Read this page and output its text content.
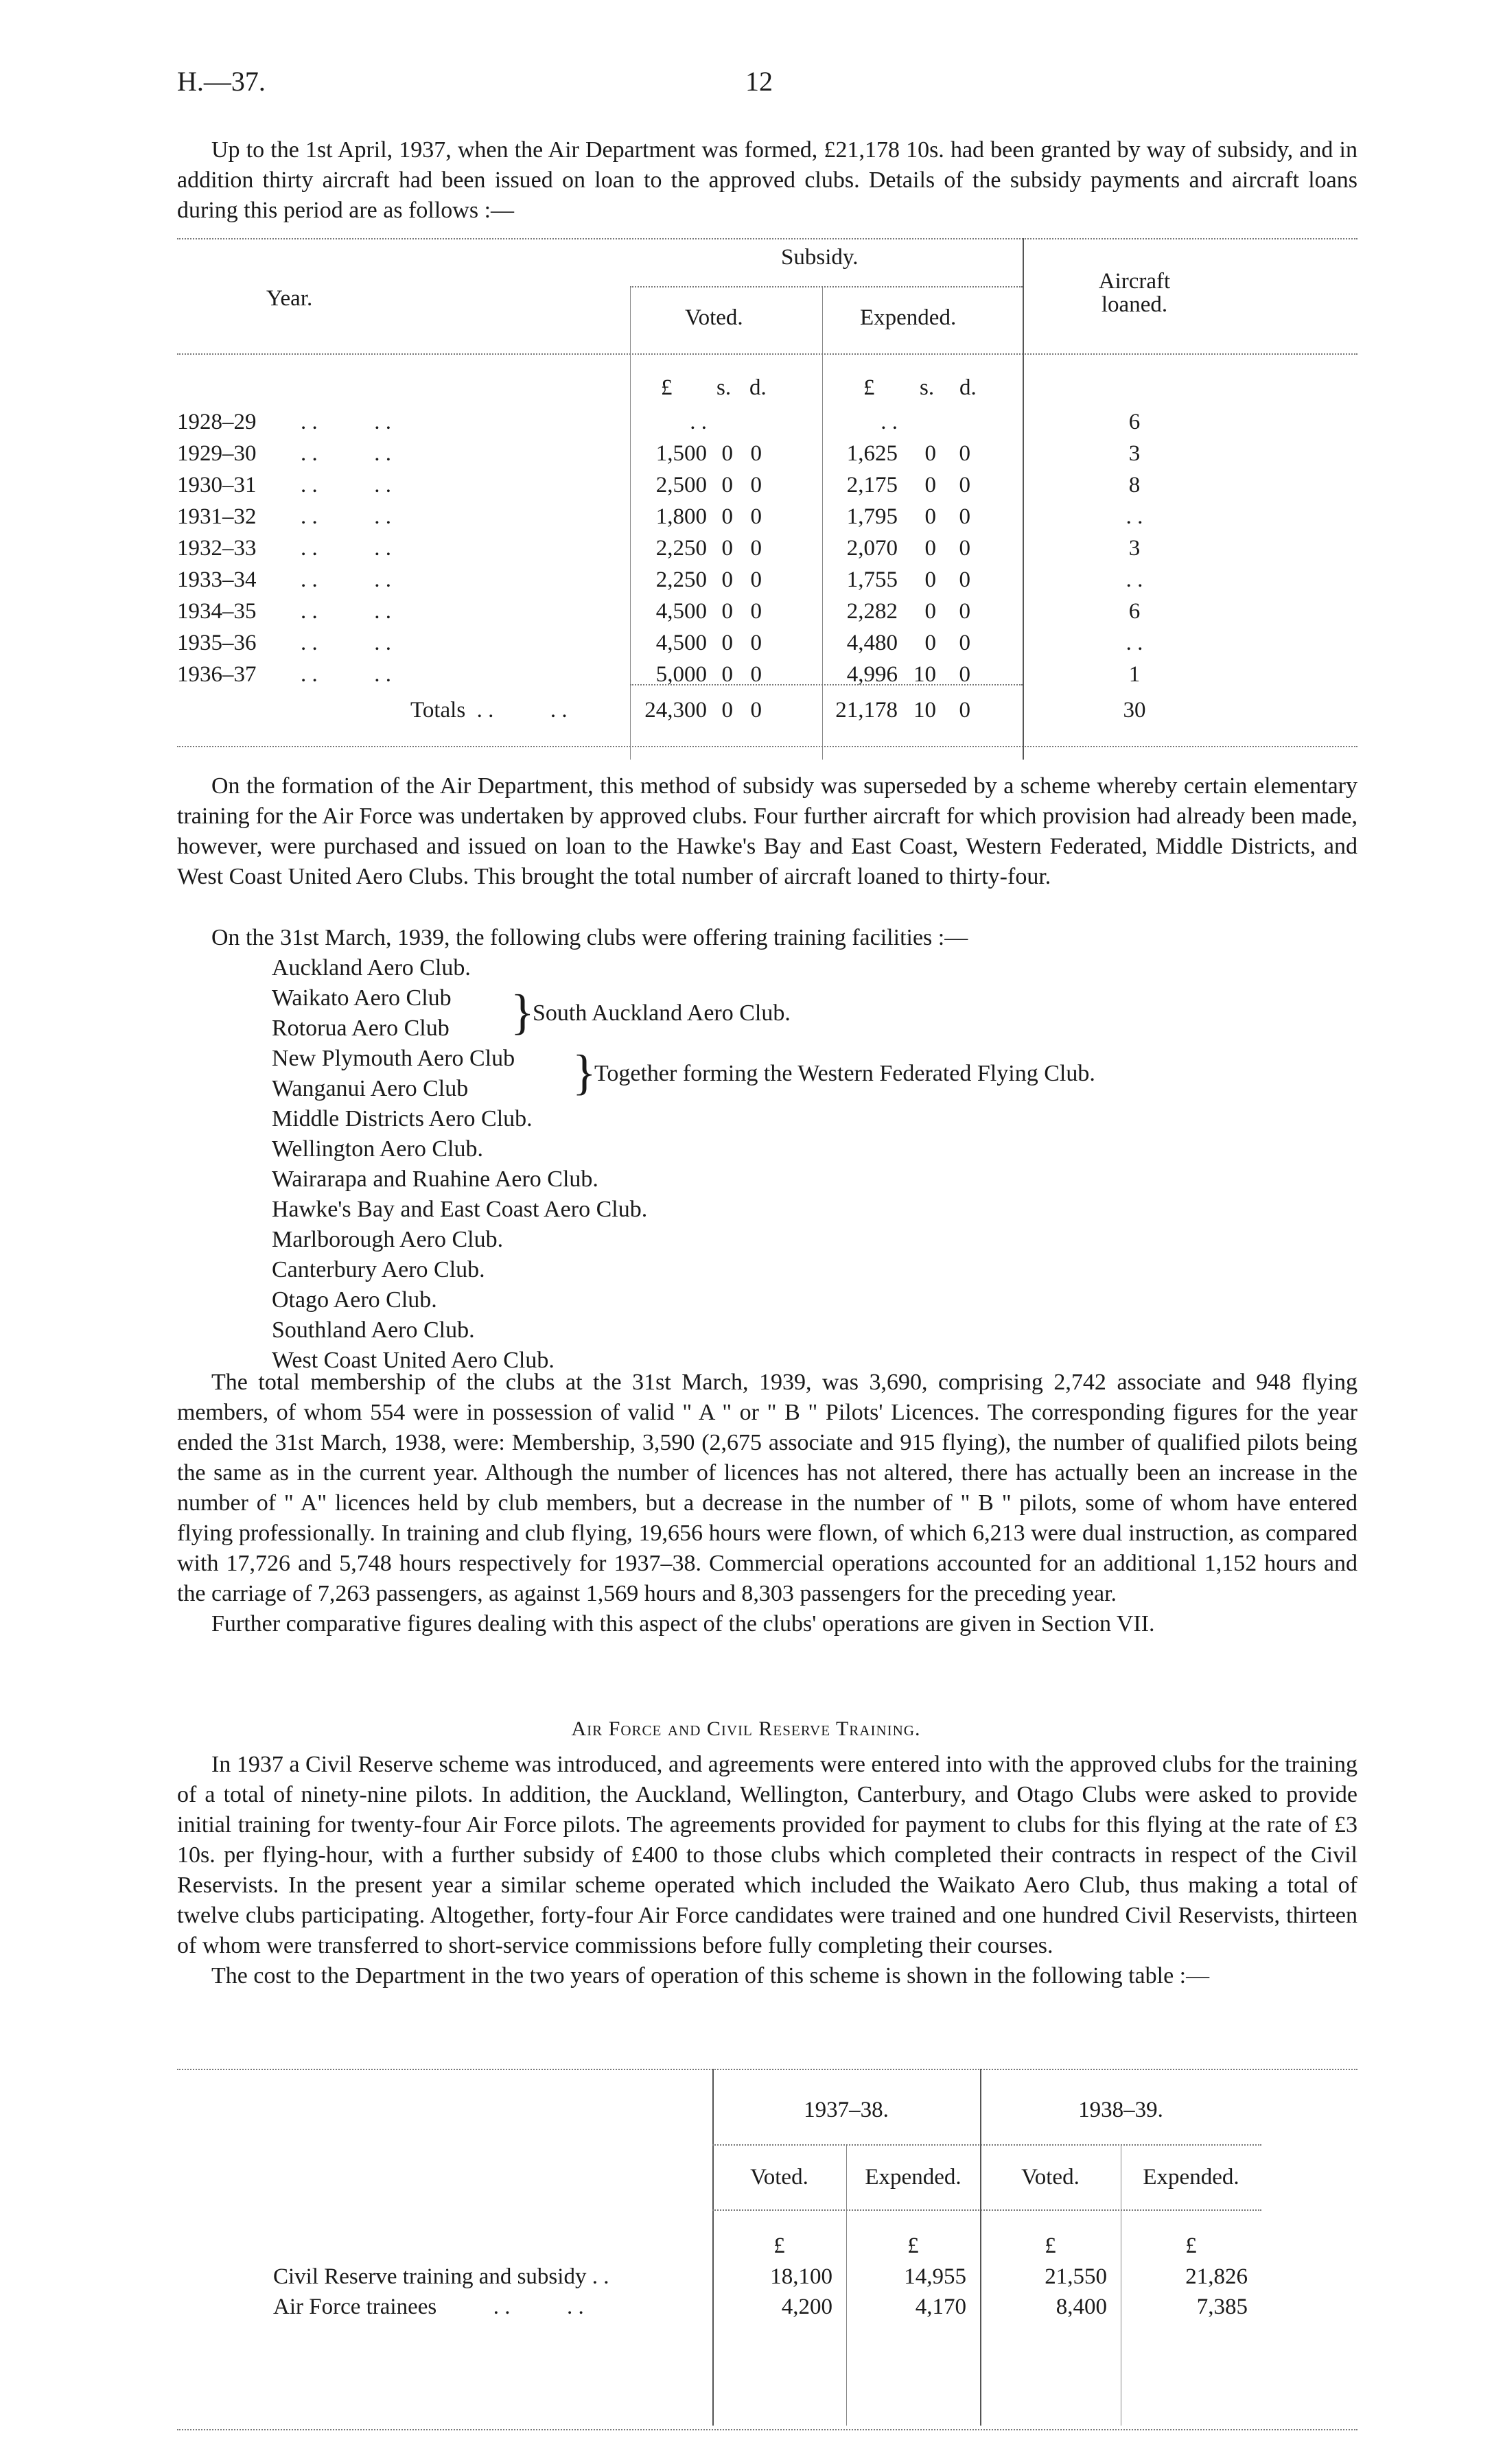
H.—37.	12

Up to the 1st April, 1937, when the Air Department was formed, £21,178 10s. had been granted by way of subsidy, and in addition thirty aircraft had been issued on loan to the approved clubs. Details of the subsidy payments and aircraft loans during this period are as follows :—

Year.
Subsidy.
Voted.	Expended.
Aircraft loaned.
£ s. d.	£ s. d.
1928–29	. .          . .	. .	. .	6
1929–30	. .          . .	1,500 0 0	1,625	0	0	3
1930–31	. .          . .	2,500 0 0	2,175	0	0	8
1931–32	. .          . .	1,800 0 0	1,795	0	0	. .
1932–33	. .          . .	2,250 0 0	2,070	0	0	3
1933–34	. .          . .	2,250 0 0	1,755	0	0	. .
1934–35	. .          . .	4,500 0 0	2,282	0	0	6
1935–36	. .          . .	4,500 0 0	4,480	0	0	. .
1936–37	. .          . .	5,000 0 0	4,996 10	0	1
Totals  . .          . .	24,300 0 0	21,178 10	0	30

On the formation of the Air Department, this method of subsidy was superseded by a scheme whereby certain elementary training for the Air Force was undertaken by approved clubs. Four further aircraft for which provision had already been made, however, were purchased and issued on loan to the Hawke's Bay and East Coast, Western Federated, Middle Districts, and West Coast United Aero Clubs. This brought the total number of aircraft loaned to thirty-four.

On the 31st March, 1939, the following clubs were offering training facilities :—

Auckland Aero Club.
Waikato Aero Club
Rotorua Aero Club	}
South Auckland Aero Club.
New Plymouth Aero Club
Wanganui Aero Club	}
Together forming the Western Federated Flying Club.
Middle Districts Aero Club.
Wellington Aero Club.
Wairarapa and Ruahine Aero Club.
Hawke's Bay and East Coast Aero Club.
Marlborough Aero Club.
Canterbury Aero Club.
Otago Aero Club.
Southland Aero Club.
West Coast United Aero Club.

The total membership of the clubs at the 31st March, 1939, was 3,690, comprising 2,742 associate and 948 flying members, of whom 554 were in possession of valid " A " or " B " Pilots' Licences. The corresponding figures for the year ended the 31st March, 1938, were: Membership, 3,590 (2,675 associate and 915 flying), the number of qualified pilots being the same as in the current year. Although the number of licences has not altered, there has actually been an increase in the number of " A" licences held by club members, but a decrease in the number of " B " pilots, some of whom have entered flying professionally. In training and club flying, 19,656 hours were flown, of which 6,213 were dual instruction, as compared with 17,726 and 5,748 hours respectively for 1937–38. Commercial operations accounted for an additional 1,152 hours and the carriage of 7,263 passengers, as against 1,569 hours and 8,303 passengers for the preceding year.

Further comparative figures dealing with this aspect of the clubs' operations are given in Section VII.

Air Force and Civil Reserve Training.

In 1937 a Civil Reserve scheme was introduced, and agreements were entered into with the approved clubs for the training of a total of ninety-nine pilots. In addition, the Auckland, Wellington, Canterbury, and Otago Clubs were asked to provide initial training for twenty-four Air Force pilots. The agreements provided for payment to clubs for this flying at the rate of £3 10s. per flying-hour, with a further subsidy of £400 to those clubs which completed their contracts in respect of the Civil Reservists. In the present year a similar scheme operated which included the Waikato Aero Club, thus making a total of twelve clubs participating. Altogether, forty-four Air Force candidates were trained and one hundred Civil Reservists, thirteen of whom were transferred to short-service commissions before fully completing their courses.

The cost to the Department in the two years of operation of this scheme is shown in the following table :—

1937–38.	1938–39.
Voted.	Expended.	Voted.	Expended.
£	£	£	£
Civil Reserve training and subsidy . .	18,100	14,955	21,550	21,826
Air Force trainees          . .          . .	4,200	4,170	8,400	7,385
